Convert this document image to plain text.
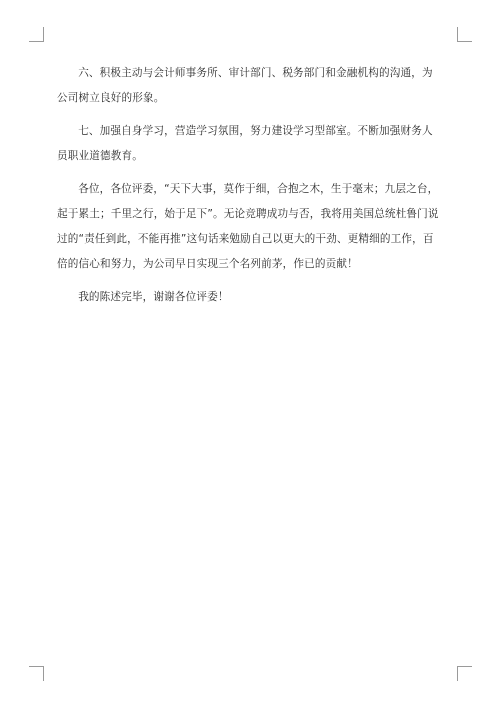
六、积极主动与会计师事务所、审计部门、税务部门和金融机构的沟通，为公司树立良好的形象。

七、加强自身学习，营造学习氛围，努力建设学习型部室。不断加强财务人员职业道德教育。

各位，各位评委，“天下大事，莫作于细，合抱之木，生于毫末；九层之台，起于累土；千里之行，始于足下”。无论竞聘成功与否，我将用美国总统杜鲁门说过的“责任到此，不能再推”这句话来勉励自己以更大的干劲、更精细的工作，百倍的信心和努力，为公司早日实现三个名列前茅，作已的贡献！

我的陈述完毕，谢谢各位评委！
